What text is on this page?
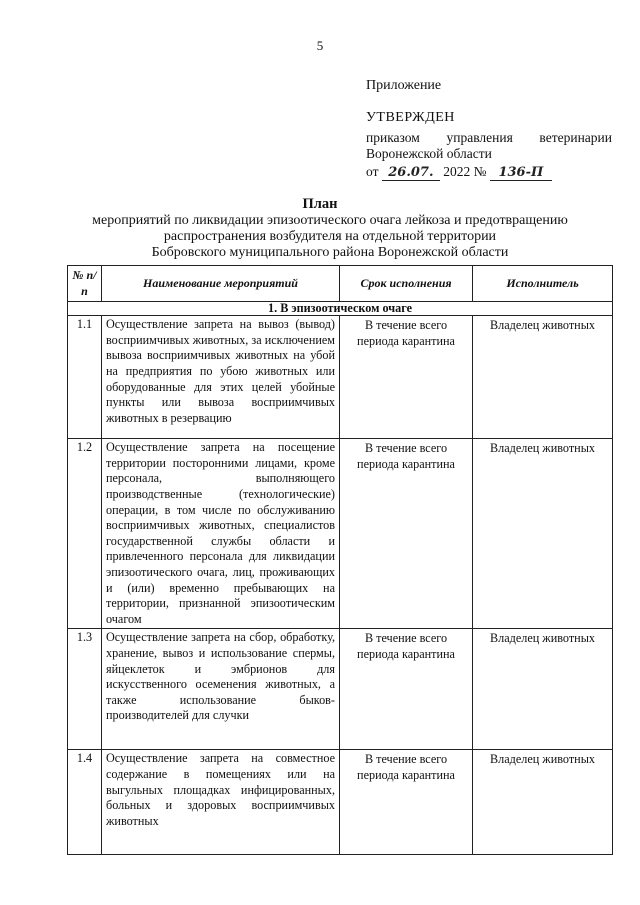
5
Приложение
УТВЕРЖДЕН
приказом управления ветеринарии
Воронежской области
от 26.07. 2022 № 136-П
План
мероприятий по ликвидации эпизоотического очага лейкоза и предотвращению
распространения возбудителя на отдельной территории
Бобровского муниципального района Воронежской области
№ п/п	Наименование мероприятий	Срок исполнения	Исполнитель
1. В эпизоотическом очаге			
1.1	Осуществление запрета на вывоз (вывод) восприимчивых животных, за исключением вывоза восприимчивых животных на убой на предприятия по убою животных или оборудованные для этих целей убойные пункты или вывоза восприимчивых животных в резервацию	В течение всего периода карантина	Владелец животных
1.2	Осуществление запрета на посещение территории посторонними лицами, кроме персонала, выполняющего производственные (технологические) операции, в том числе по обслуживанию восприимчивых животных, специалистов государственной службы области и привлеченного персонала для ликвидации эпизоотического очага, лиц, проживающих и (или) временно пребывающих на территории, признанной эпизоотическим очагом	В течение всего периода карантина	Владелец животных
1.3	Осуществление запрета на сбор, обработку, хранение, вывоз и использование спермы, яйцеклеток и эмбрионов для искусственного осеменения животных, а также использование быков-производителей для случки	В течение всего периода карантина	Владелец животных
1.4	Осуществление запрета на совместное содержание в помещениях или на выгульных площадках инфицированных, больных и здоровых восприимчивых животных	В течение всего периода карантина	Владелец животных
